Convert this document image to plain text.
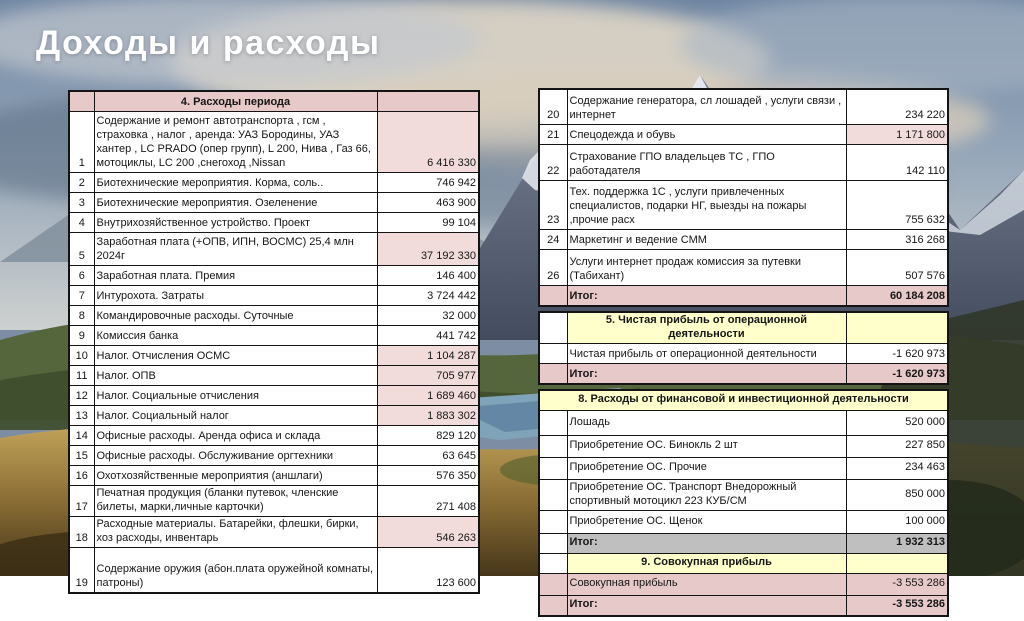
Доходы и расходы
	4. Расходы периода	
1	Содержание и ремонт автотранспорта , гсм , страховка , налог , аренда: УАЗ Бородины, УАЗ хантер , LC PRADO (опер групп), L 200, Нива , Газ 66, мотоциклы, LC 200 ,снегоход ,Nissan	6 416 330
2	Биотехнические мероприятия. Корма, соль..	746 942
3	Биотехнические мероприятия. Озеленение	463 900
4	Внутрихозяйственное устройство. Проект	99 104
5	Заработная плата (+ОПВ, ИПН, ВОСМС) 25,4 млн 2024г	37 192 330
6	Заработная плата. Премия	146 400
7	Интурохота. Затраты	3 724 442
8	Командировочные расходы. Суточные	32 000
9	Комиссия банка	441 742
10	Налог. Отчисления ОСМС	1 104 287
11	Налог. ОПВ	705 977
12	Налог. Социальные отчисления	1 689 460
13	Налог. Социальный налог	1 883 302
14	Офисные расходы. Аренда офиса и склада	829 120
15	Офисные расходы. Обслуживание оргтехники	63 645
16	Охотхозяйственные мероприятия (аншлаги)	576 350
17	Печатная продукция (бланки путевок, членские билеты, марки,личные карточки)	271 408
18	Расходные материалы. Батарейки, флешки, бирки, хоз расходы, инвентарь	546 263
19	Содержание оружия (абон.плата оружейной комнаты, патроны)	123 600
20	Содержание генератора, сл лошадей , услуги связи , интернет	234 220
21	Спецодежда и обувь	1 171 800
22	Страхование ГПО владельцев ТС , ГПО работадателя	142 110
23	Тех. поддержка 1С , услуги привлеченных специалистов, подарки НГ, выезды на пожары ,прочие расх	755 632
24	Маркетинг и ведение СММ	316 268
26	Услуги интернет продаж комиссия за путевки (Табихант)	507 576
	Итог:	60 184 208
	5. Чистая прибыль от операционной деятельности	
	Чистая прибыль от операционной деятельности	-1 620 973
	Итог:	-1 620 973
8. Расходы от финансовой и инвестиционной деятельности		
	Лошадь	520 000
	Приобретение ОС. Бинокль 2 шт	227 850
	Приобретение ОС. Прочие	234 463
	Приобретение ОС. Транспорт Внедорожный спортивный мотоцикл 223 КУБ/СМ	850 000
	Приобретение ОС. Щенок	100 000
	Итог:	1 932 313
	9. Совокупная прибыль	
	Совокупная прибыль	-3 553 286
	Итог:	-3 553 286
